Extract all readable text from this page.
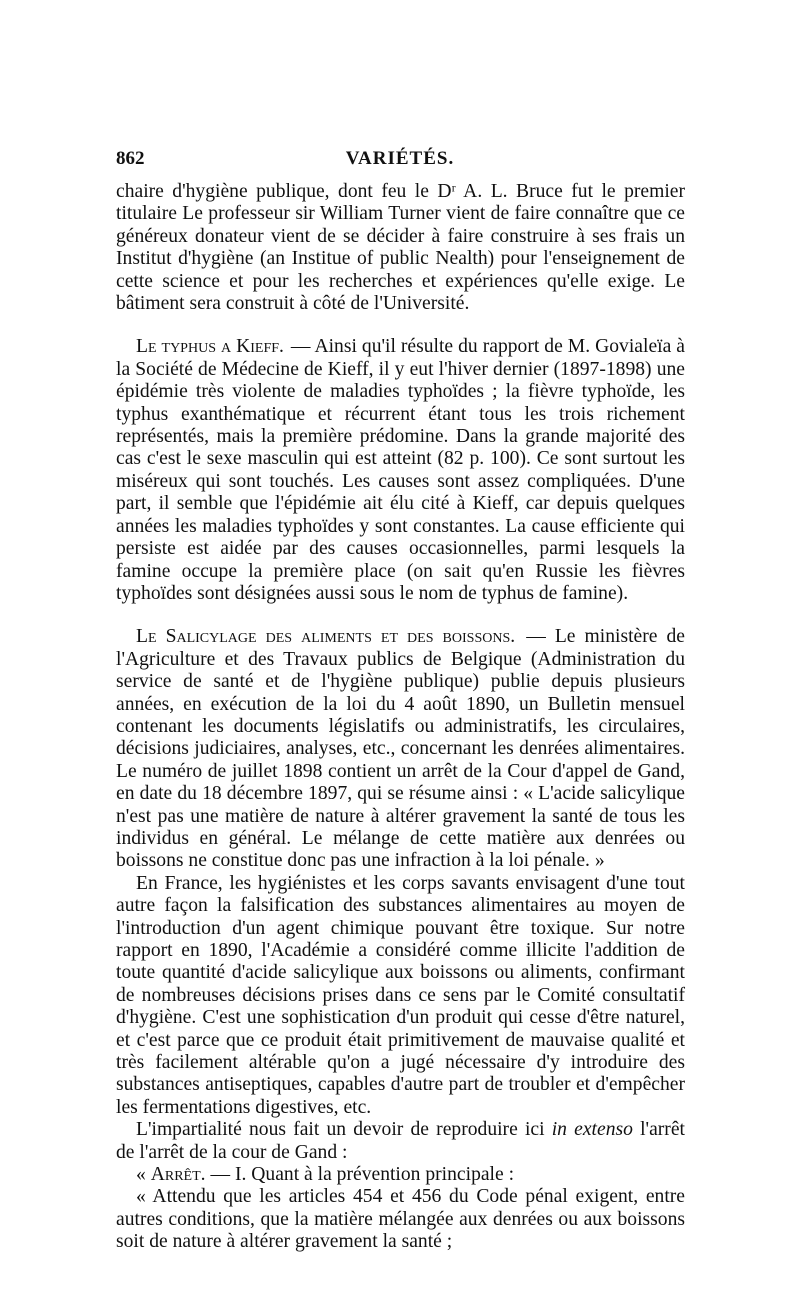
862	VARIÉTÉS.

chaire d'hygiène publique, dont feu le Dʳ A. L. Bruce fut le premier titulaire Le professeur sir William Turner vient de faire connaître que ce généreux donateur vient de se décider à faire construire à ses frais un Institut d'hygiène (an Institue of public Nealth) pour l'enseignement de cette science et pour les recherches et expériences qu'elle exige. Le bâtiment sera construit à côté de l'Université.

Le typhus a Kieff. — Ainsi qu'il résulte du rapport de M. Govialeïa à la Société de Médecine de Kieff, il y eut l'hiver dernier (1897-1898) une épidémie très violente de maladies typhoïdes ; la fièvre typhoïde, les typhus exanthématique et récurrent étant tous les trois richement représentés, mais la première prédomine. Dans la grande majorité des cas c'est le sexe masculin qui est atteint (82 p. 100). Ce sont surtout les miséreux qui sont touchés. Les causes sont assez compliquées. D'une part, il semble que l'épidémie ait élu cité à Kieff, car depuis quelques années les maladies typhoïdes y sont constantes. La cause efficiente qui persiste est aidée par des causes occasionnelles, parmi lesquels la famine occupe la première place (on sait qu'en Russie les fièvres typhoïdes sont désignées aussi sous le nom de typhus de famine).

Le Salicylage des aliments et des boissons. — Le ministère de l'Agriculture et des Travaux publics de Belgique (Administration du service de santé et de l'hygiène publique) publie depuis plusieurs années, en exécution de la loi du 4 août 1890, un Bulletin mensuel contenant les documents législatifs ou administratifs, les circulaires, décisions judiciaires, analyses, etc., concernant les denrées alimentaires. Le numéro de juillet 1898 contient un arrêt de la Cour d'appel de Gand, en date du 18 décembre 1897, qui se résume ainsi : « L'acide salicylique n'est pas une matière de nature à altérer gravement la santé de tous les individus en général. Le mélange de cette matière aux denrées ou boissons ne constitue donc pas une infraction à la loi pénale. »

En France, les hygiénistes et les corps savants envisagent d'une tout autre façon la falsification des substances alimentaires au moyen de l'introduction d'un agent chimique pouvant être toxique. Sur notre rapport en 1890, l'Académie a considéré comme illicite l'addition de toute quantité d'acide salicylique aux boissons ou aliments, confirmant de nombreuses décisions prises dans ce sens par le Comité consultatif d'hygiène. C'est une sophistication d'un produit qui cesse d'être naturel, et c'est parce que ce produit était primitivement de mauvaise qualité et très facilement altérable qu'on a jugé nécessaire d'y introduire des substances antiseptiques, capables d'autre part de troubler et d'empêcher les fermentations digestives, etc.

L'impartialité nous fait un devoir de reproduire ici in extenso l'arrêt de l'arrêt de la cour de Gand :

« Arrêt. — I. Quant à la prévention principale :

« Attendu que les articles 454 et 456 du Code pénal exigent, entre autres conditions, que la matière mélangée aux denrées ou aux boissons soit de nature à altérer gravement la santé ;
